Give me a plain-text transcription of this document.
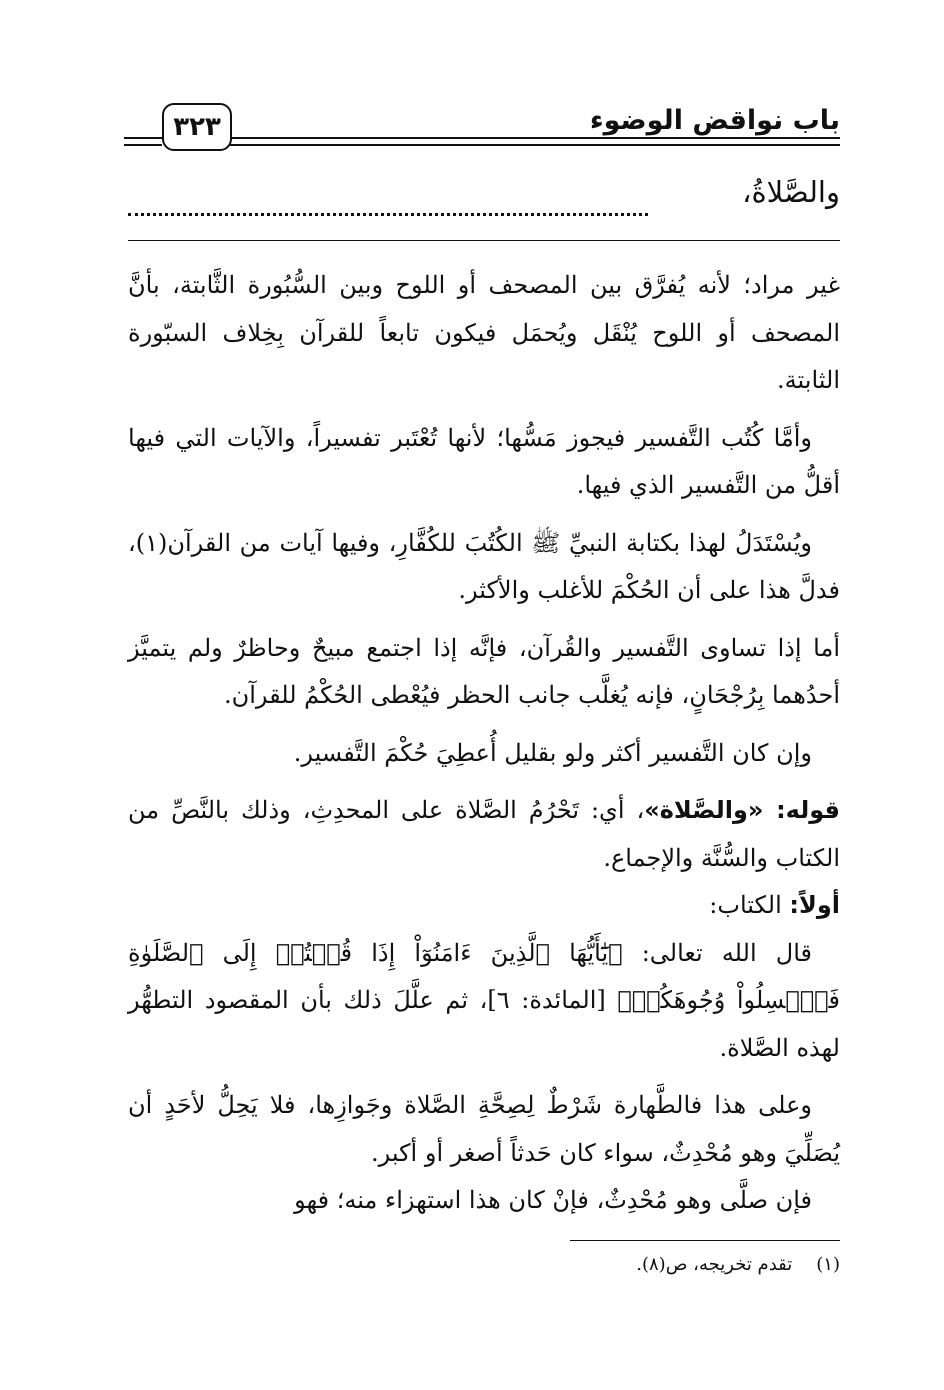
باب نواقض الوضوء
٣٢٣
والصَّلاةُ،

غير مراد؛ لأنه يُفرَّق بين المصحف أو اللوح وبين السُّبُورة الثَّابتة، بأنَّ المصحف أو اللوح يُنْقَل ويُحمَل فيكون تابعاً للقرآن بِخِلاف السبّورة الثابتة.

وأمَّا كُتُب التَّفسير فيجوز مَسُّها؛ لأنها تُعْتَبر تفسيراً، والآيات التي فيها أقلُّ من التَّفسير الذي فيها.

ويُسْتَدَلُ لهذا بكتابة النبيِّ ﷺ الكُتُبَ للكُفَّارِ، وفيها آيات من القرآن(١)، فدلَّ هذا على أن الحُكْمَ للأغلب والأكثر.

أما إذا تساوى التَّفسير والقُرآن، فإنَّه إذا اجتمع مبيحٌ وحاظرٌ ولم يتميَّز أحدُهما بِرُجْحَانٍ، فإنه يُغلَّب جانب الحظر فيُعْطى الحُكْمُ للقرآن.

وإن كان التَّفسير أكثر ولو بقليل أُعطِيَ حُكْمَ التَّفسير.

قوله: «والصَّلاة»، أي: تَحْرُمُ الصَّلاة على المحدِثِ، وذلك بالنَّصِّ من الكتاب والسُّنَّة والإجماع.

أولاً: الكتاب:

قال الله تعالى: ﴿يَٰٓأَيُّهَا ٱلَّذِينَ ءَامَنُوٓاْ إِذَا قُمۡتُمۡ إِلَى ٱلصَّلَوٰةِ فَٱغۡسِلُواْ وُجُوهَكُمۡ﴾ [المائدة: ٦]، ثم علَّلَ ذلك بأن المقصود التطهُّر لهذه الصَّلاة.

وعلى هذا فالطَّهارة شَرْطٌ لِصِحَّةِ الصَّلاة وجَوازِها، فلا يَحِلُّ لأحَدٍ أن يُصَلِّيَ وهو مُحْدِثٌ، سواء كان حَدثاً أصغر أو أكبر.

فإن صلَّى وهو مُحْدِثٌ، فإنْ كان هذا استهزاء منه؛ فهو

(١)تقدم تخريجه، ص(٨).
